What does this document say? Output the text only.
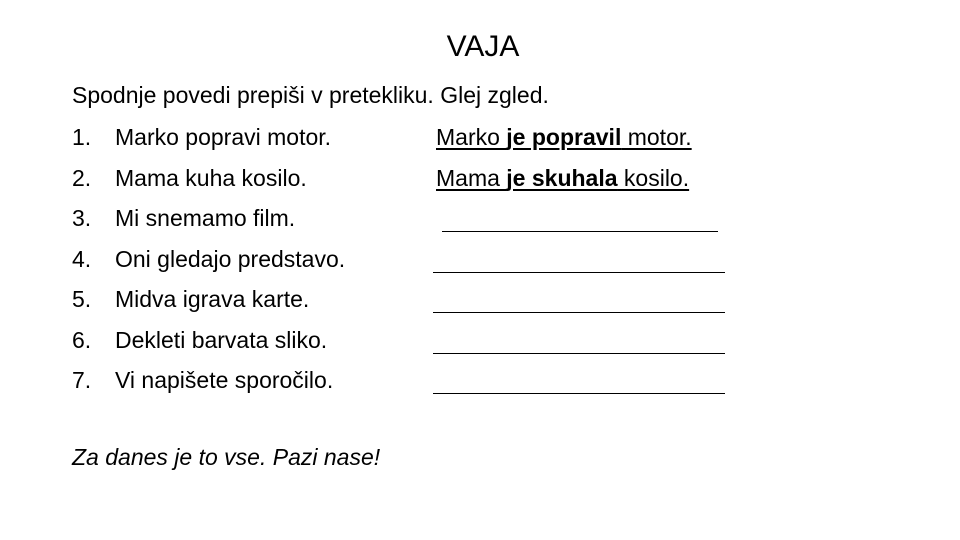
VAJA
Spodnje povedi prepiši v pretekliku. Glej zgled.
1. Marko popravi motor.	Marko je popravil motor.
2. Mama kuha kosilo.	Mama je skuhala kosilo.
3. Mi snemamo film.
4. Oni gledajo predstavo.
5. Midva igrava karte.
6. Dekleti barvata sliko.
7. Vi napišete sporočilo.
Za danes je to vse. Pazi nase!
